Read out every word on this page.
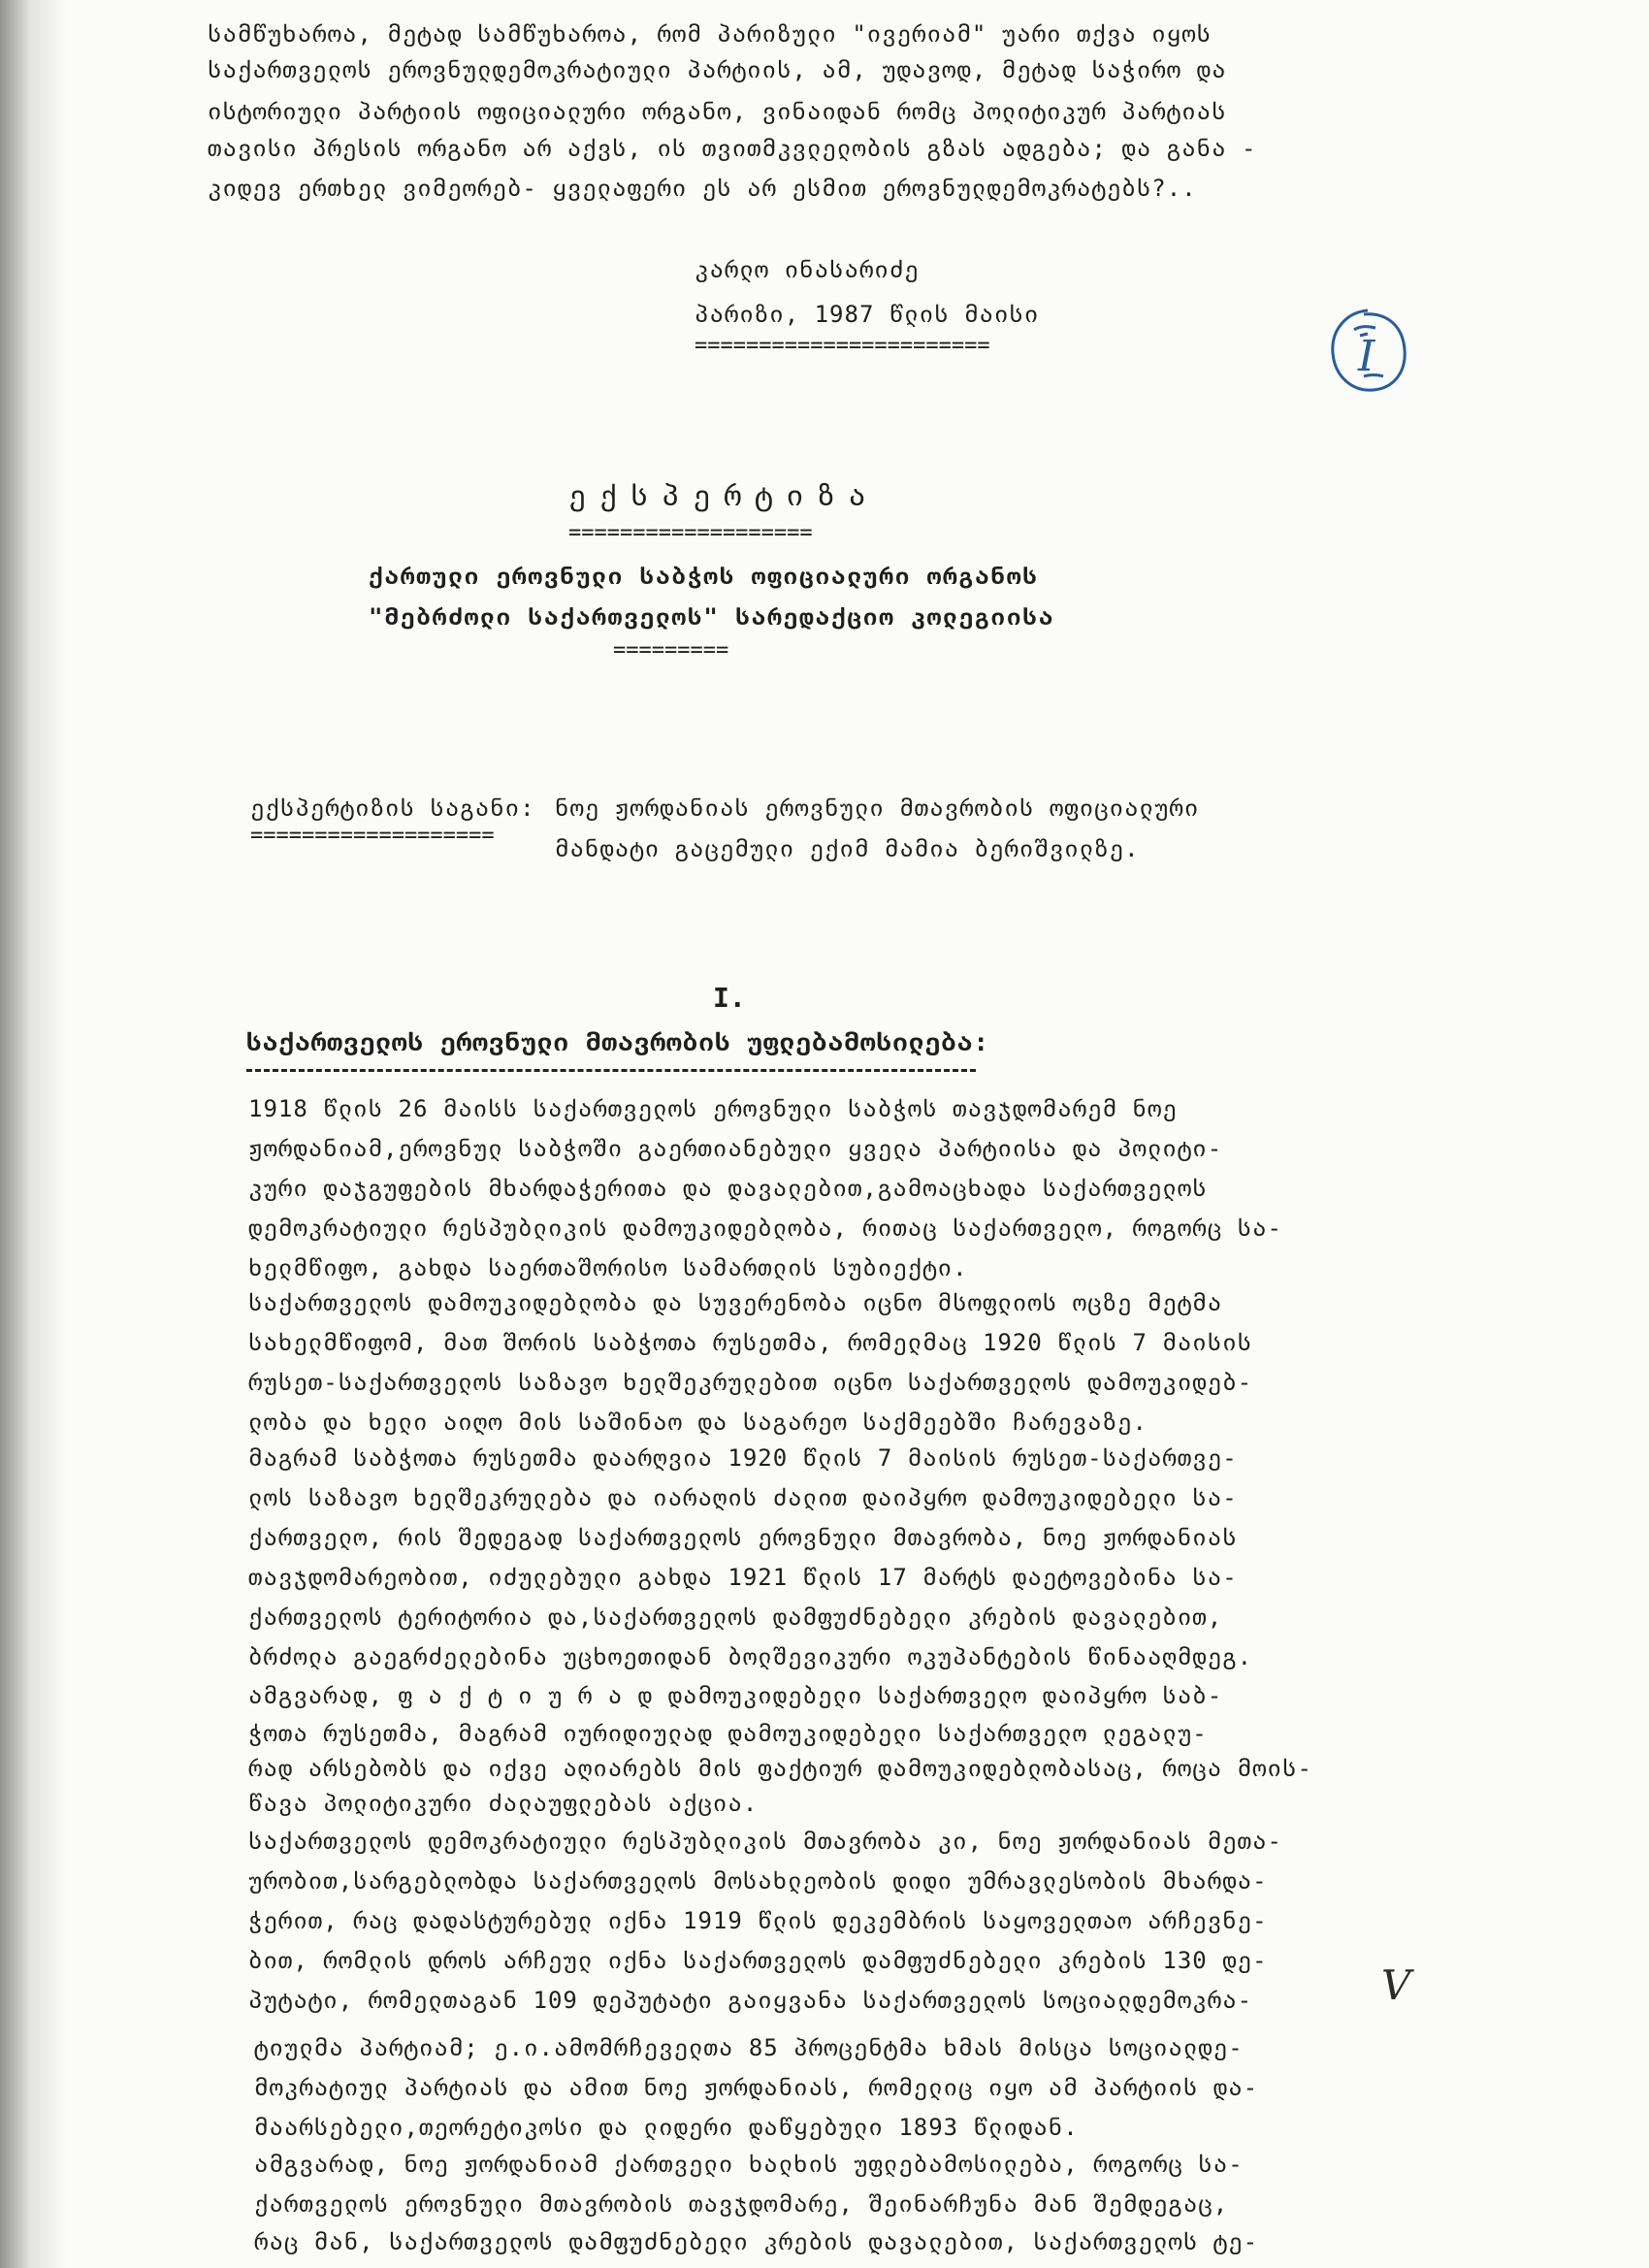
სამწუხაროა, მეტად სამწუხაროა, რომ პარიზული "ივერიამ" უარი თქვა იყოს
საქართველოს ეროვნულდემოკრატიული პარტიის, ამ, უდავოდ, მეტად საჭირო და
ისტორიული პარტიის ოფიციალური ორგანო, ვინაიდან რომც პოლიტიკურ პარტიას
თავისი პრესის ორგანო არ აქვს, ის თვითმკვლელობის გზას ადგება; და განა -
კიდევ ერთხელ ვიმეორებ- ყველაფერი ეს არ ესმით ეროვნულდემოკრატებს?..
კარლო ინასარიძე
პარიზი, 1987 წლის მაისი
=======================	I
ექსპერტიზა
===================
ქართული ეროვნული საბჭოს ოფიციალური ორგანოს
"მებრძოლი საქართველოს" სარედაქციო კოლეგიისა
=========
ექსპერტიზის საგანი:
===================
ნოე ჟორდანიას ეროვნული მთავრობის ოფიციალური
მანდატი გაცემული ექიმ მამია ბერიშვილზე.
I.
საქართველოს ეროვნული მთავრობის უფლებამოსილება:
1918 წლის 26 მაისს საქართველოს ეროვნული საბჭოს თავჯდომარემ ნოე
ჟორდანიამ,ეროვნულ საბჭოში გაერთიანებული ყველა პარტიისა და პოლიტი-
კური დაჯგუფების მხარდაჭერითა და დავალებით,გამოაცხადა საქართველოს
დემოკრატიული რესპუბლიკის დამოუკიდებლობა, რითაც საქართველო, როგორც სა-
ხელმწიფო, გახდა საერთაშორისო სამართლის სუბიექტი.
საქართველოს დამოუკიდებლობა და სუვერენობა იცნო მსოფლიოს ოცზე მეტმა
სახელმწიფომ, მათ შორის საბჭოთა რუსეთმა, რომელმაც 1920 წლის 7 მაისის
რუსეთ-საქართველოს საზავო ხელშეკრულებით იცნო საქართველოს დამოუკიდებ-
ლობა და ხელი აიღო მის საშინაო და საგარეო საქმეებში ჩარევაზე.
მაგრამ საბჭოთა რუსეთმა დაარღვია 1920 წლის 7 მაისის რუსეთ-საქართვე-
ლოს საზავო ხელშეკრულება და იარაღის ძალით დაიპყრო დამოუკიდებელი სა-
ქართველო, რის შედეგად საქართველოს ეროვნული მთავრობა, ნოე ჟორდანიას
თავჯდომარეობით, იძულებული გახდა 1921 წლის 17 მარტს დაეტოვებინა სა-
ქართველოს ტერიტორია და,საქართველოს დამფუძნებელი კრების დავალებით,
ბრძოლა გაეგრძელებინა უცხოეთიდან ბოლშევიკური ოკუპანტების წინააღმდეგ.
ამგვარად, ფ ა ქ ტ ი უ რ ა დ დამოუკიდებელი საქართველო დაიპყრო საბ-
ჭოთა რუსეთმა, მაგრამ იურიდიულად დამოუკიდებელი საქართველო ლეგალუ-
რად არსებობს და იქვე აღიარებს მის ფაქტიურ დამოუკიდებლობასაც, როცა მოის-
წავა პოლიტიკური ძალაუფლებას აქცია.
საქართველოს დემოკრატიული რესპუბლიკის მთავრობა კი, ნოე ჟორდანიას მეთა-
ურობით,სარგებლობდა საქართველოს მოსახლეობის დიდი უმრავლესობის მხარდა-
ჭერით, რაც დადასტურებულ იქნა 1919 წლის დეკემბრის საყოველთაო არჩევნე-
ბით, რომლის დროს არჩეულ იქნა საქართველოს დამფუძნებელი კრების 130 დე-
პუტატი, რომელთაგან 109 დეპუტატი გაიყვანა საქართველოს სოციალდემოკრა-
ტიულმა პარტიამ; ე.ი.ამომრჩეველთა 85 პროცენტმა ხმას მისცა სოციალდე-
მოკრატიულ პარტიას და ამით ნოე ჟორდანიას, რომელიც იყო ამ პარტიის და-
მაარსებელი,თეორეტიკოსი და ლიდერი დაწყებული 1893 წლიდან.
ამგვარად, ნოე ჟორდანიამ ქართველი ხალხის უფლებამოსილება, როგორც სა-
ქართველოს ეროვნული მთავრობის თავჯდომარე, შეინარჩუნა მან შემდეგაც,
რაც მან, საქართველოს დამფუძნებელი კრების დავალებით, საქართველოს ტე-
V
